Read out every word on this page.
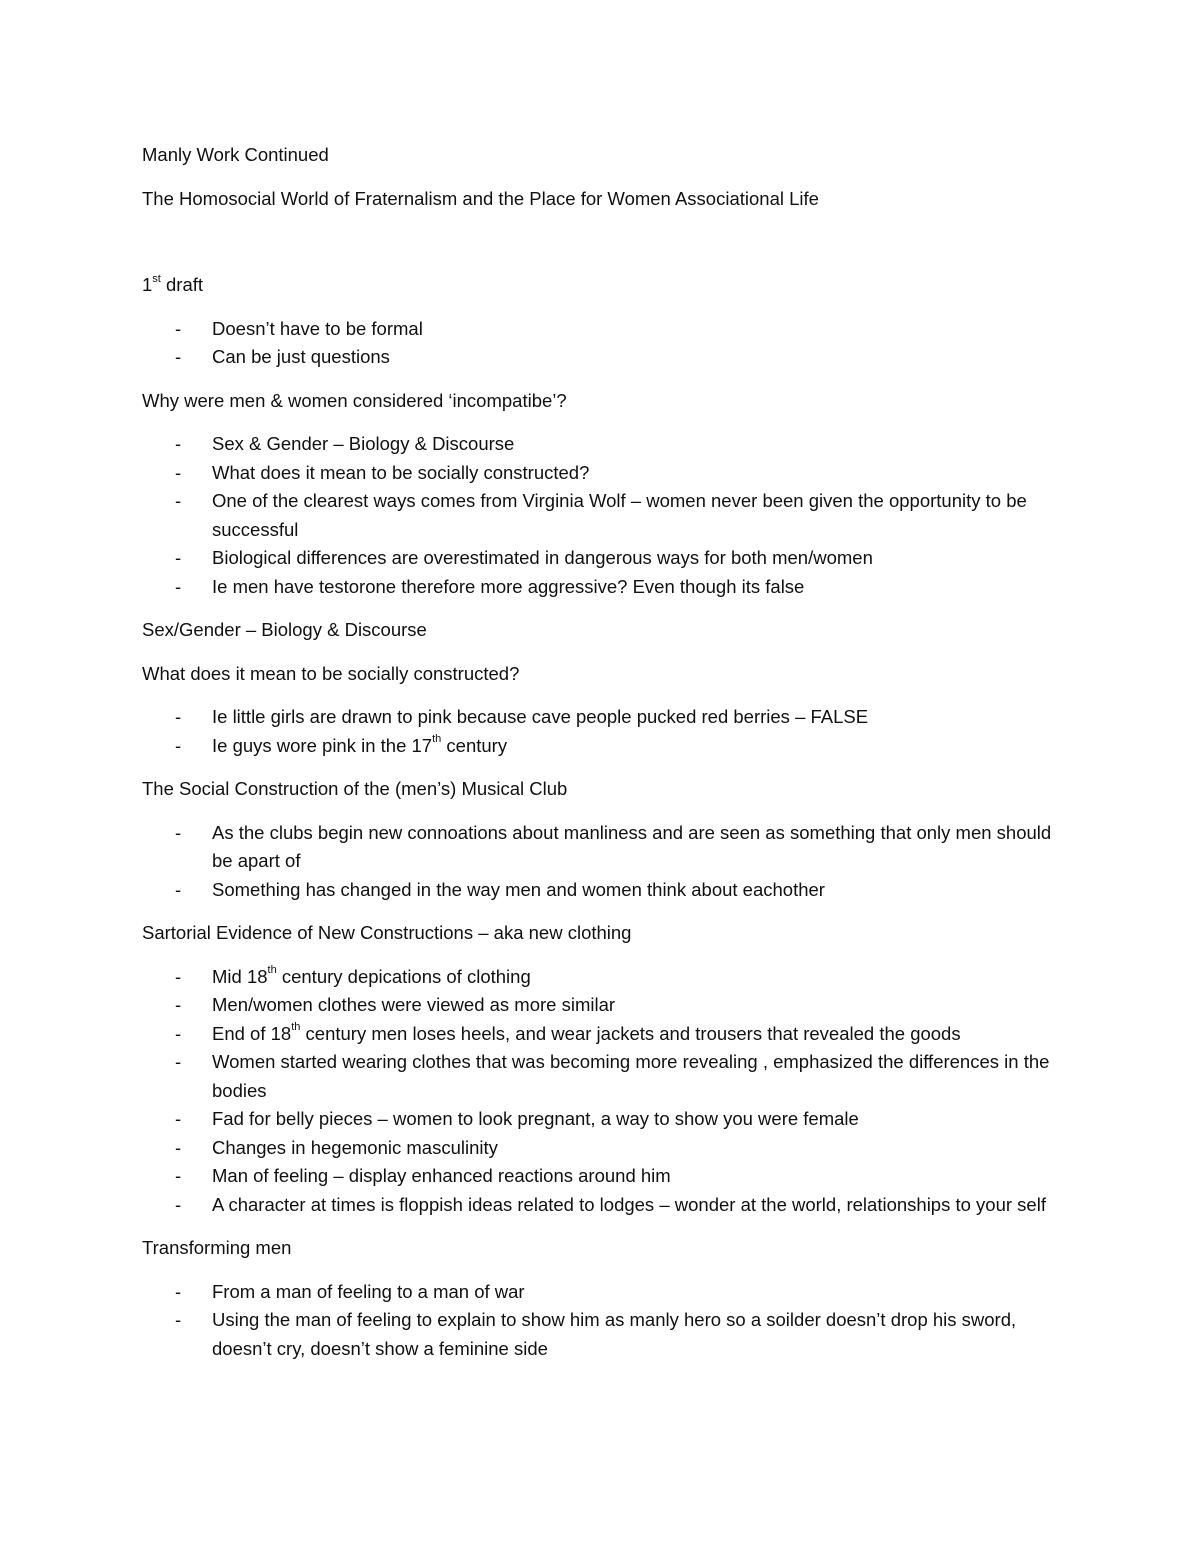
Manly Work Continued

The Homosocial World of Fraternalism and the Place for Women Associational Life

1st draft

- Doesn’t have to be formal
- Can be just questions

Why were men & women considered ‘incompatibe’?

- Sex & Gender – Biology & Discourse
- What does it mean to be socially constructed?
- One of the clearest ways comes from Virginia Wolf – women never been given the opportunity to be successful
- Biological differences are overestimated in dangerous ways for both men/women
- Ie men have testorone therefore more aggressive? Even though its false

Sex/Gender – Biology & Discourse

What does it mean to be socially constructed?

- Ie little girls are drawn to pink because cave people pucked red berries – FALSE
- Ie guys wore pink in the 17th century

The Social Construction of the (men’s) Musical Club

- As the clubs begin new connoations about manliness and are seen as something that only men should be apart of
- Something has changed in the way men and women think about eachother

Sartorial Evidence of New Constructions – aka new clothing

- Mid 18th century depications of clothing
- Men/women clothes were viewed as more similar
- End of 18th century men loses heels, and wear jackets and trousers that revealed the goods
- Women started wearing clothes that was becoming more revealing , emphasized the differences in the bodies
- Fad for belly pieces – women to look pregnant, a way to show you were female
- Changes in hegemonic masculinity
- Man of feeling – display enhanced reactions around him
- A character at times is floppish ideas related to lodges – wonder at the world, relationships to your self

Transforming men

- From a man of feeling to a man of war
- Using the man of feeling to explain to show him as manly hero so a soilder doesn’t drop his sword, doesn’t cry, doesn’t show a feminine side
